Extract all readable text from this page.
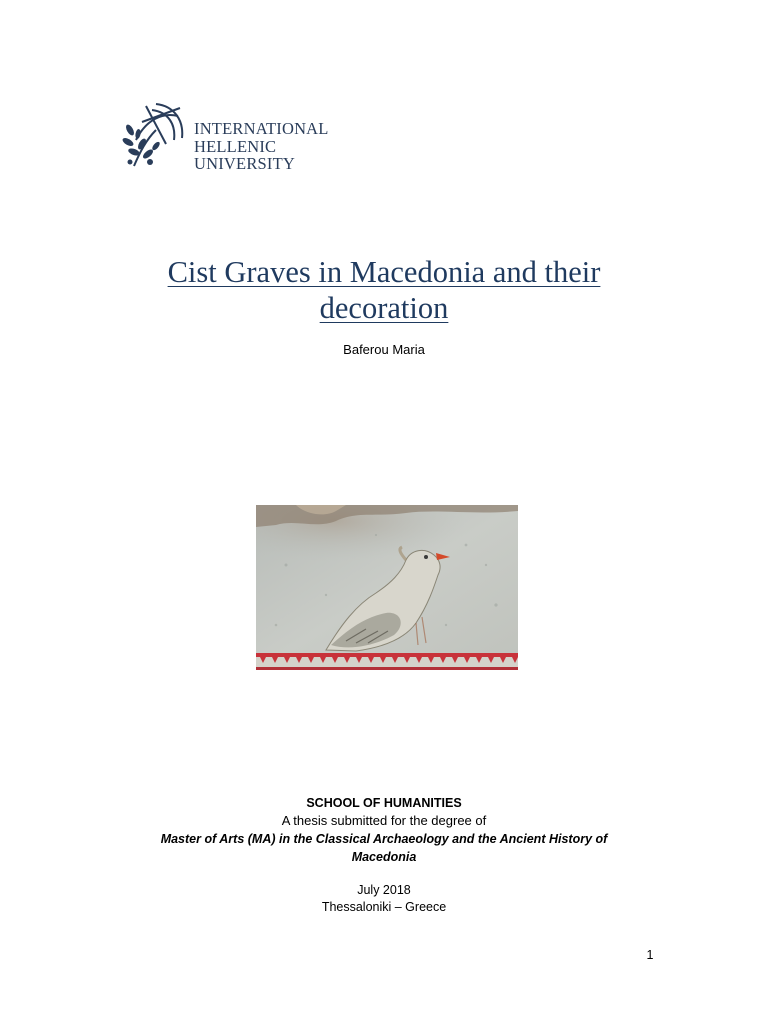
INTERNATIONAL
HELLENIC
UNIVERSITY
Cist Graves in Macedonia and their
decoration
Baferou Maria
SCHOOL OF HUMANITIES
A thesis submitted for the degree of
Master of Arts (MA) in the Classical Archaeology and the Ancient History of
Macedonia
July 2018
Thessaloniki – Greece
1
